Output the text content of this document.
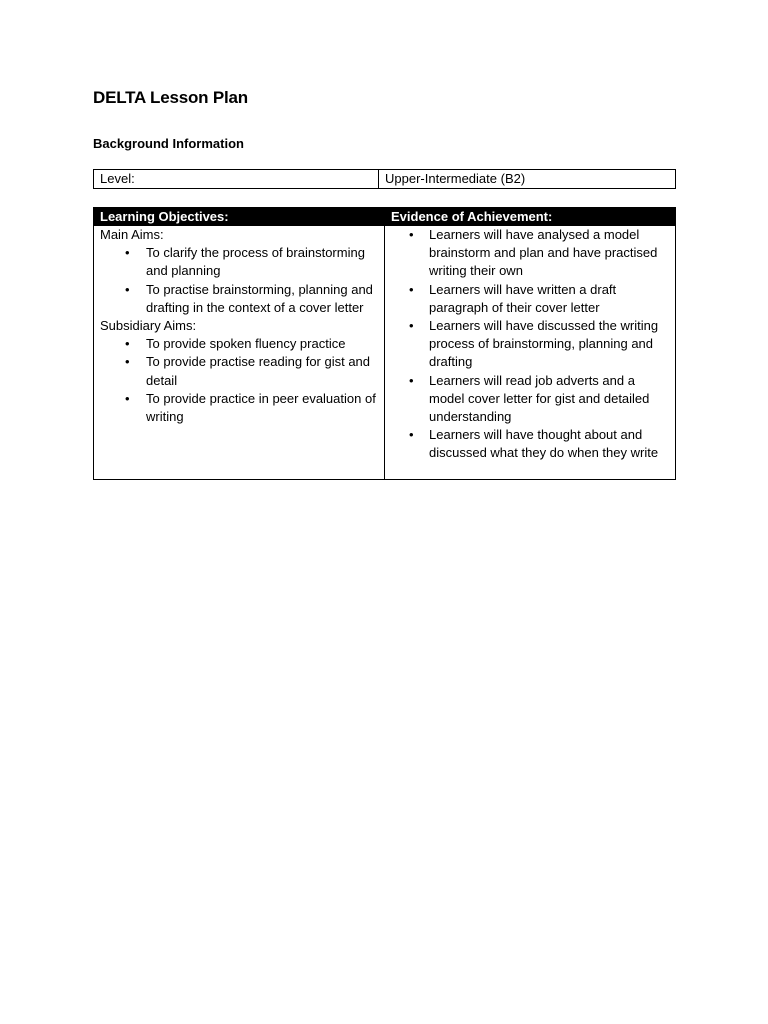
DELTA Lesson Plan
Background Information
Level:	Upper-Intermediate (B2)
Learning Objectives:	Evidence of Achievement:
Main Aims:
• To clarify the process of brainstorming and planning
• To practise brainstorming, planning and drafting in the context of a cover letter
Subsidiary Aims:
• To provide spoken fluency practice
• To provide practise reading for gist and detail
• To provide practice in peer evaluation of writing
• Learners will have analysed a model brainstorm and plan and have practised writing their own
• Learners will have written a draft paragraph of their cover letter
• Learners will have discussed the writing process of brainstorming, planning and drafting
• Learners will read job adverts and a model cover letter for gist and detailed understanding
• Learners will have thought about and discussed what they do when they write
